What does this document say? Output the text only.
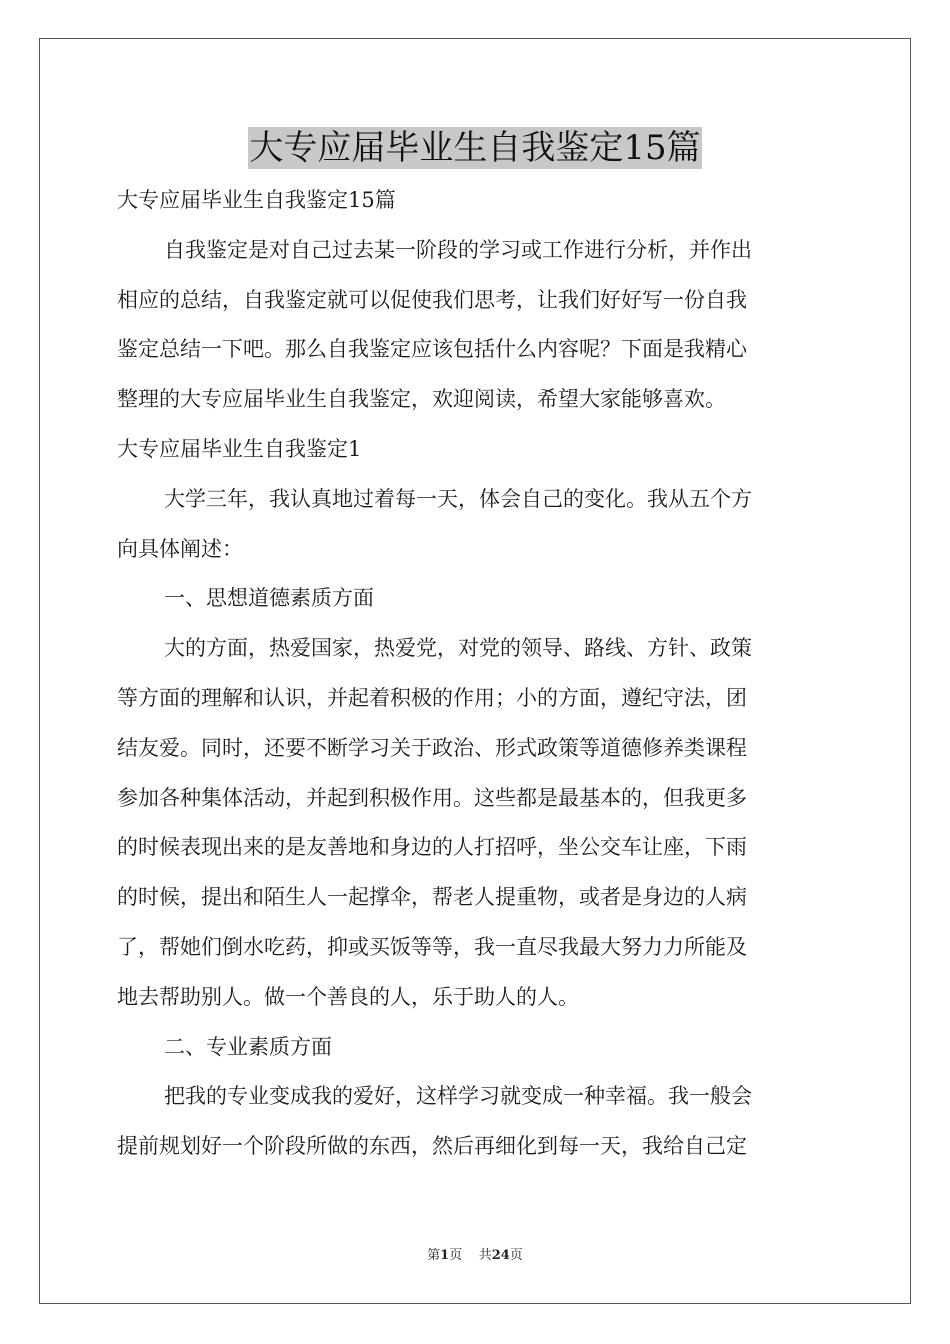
大专应届毕业生自我鉴定15篇
大专应届毕业生自我鉴定15篇
自我鉴定是对自己过去某一阶段的学习或工作进行分析，并作出
相应的总结，自我鉴定就可以促使我们思考，让我们好好写一份自我
鉴定总结一下吧。那么自我鉴定应该包括什么内容呢？下面是我精心
整理的大专应届毕业生自我鉴定，欢迎阅读，希望大家能够喜欢。
大专应届毕业生自我鉴定1
大学三年，我认真地过着每一天，体会自己的变化。我从五个方
向具体阐述：
一、思想道德素质方面
大的方面，热爱国家，热爱党，对党的领导、路线、方针、政策
等方面的理解和认识，并起着积极的作用；小的方面，遵纪守法，团
结友爱。同时，还要不断学习关于政治、形式政策等道德修养类课程
参加各种集体活动，并起到积极作用。这些都是最基本的，但我更多
的时候表现出来的是友善地和身边的人打招呼，坐公交车让座，下雨
的时候，提出和陌生人一起撑伞，帮老人提重物，或者是身边的人病
了，帮她们倒水吃药，抑或买饭等等，我一直尽我最大努力力所能及
地去帮助别人。做一个善良的人，乐于助人的人。
二、专业素质方面
把我的专业变成我的爱好，这样学习就变成一种幸福。我一般会
提前规划好一个阶段所做的东西，然后再细化到每一天，我给自己定
第1页 共24页
